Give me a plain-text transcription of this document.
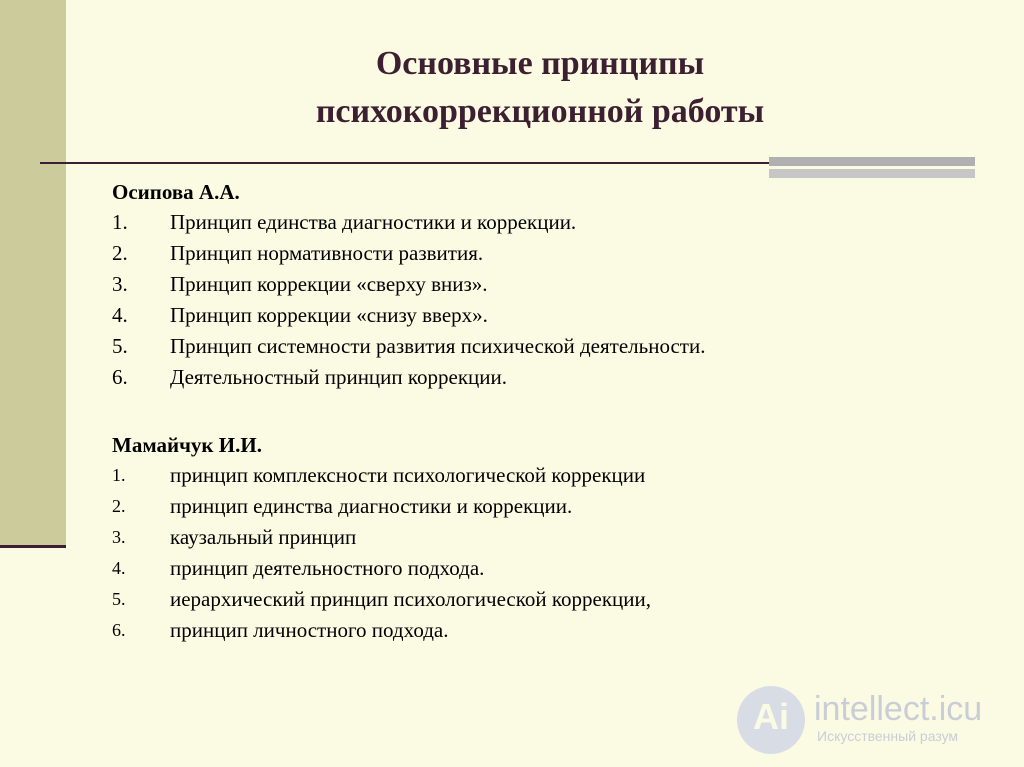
Основные принципы
психокоррекционной работы
Осипова А.А.
1. Принцип единства диагностики и коррекции.
2. Принцип нормативности развития.
3. Принцип коррекции «сверху вниз».
4. Принцип коррекции «снизу вверх».
5. Принцип системности развития психической деятельности.
6. Деятельностный принцип коррекции.
Мамайчук И.И.
1. принцип комплексности психологической коррекции
2. принцип единства диагностики и коррекции.
3. каузальный принцип
4. принцип деятельностного подхода.
5. иерархический принцип психологической коррекции,
6. принцип личностного подхода.
Ai intellect.icu
Искусственный разум
